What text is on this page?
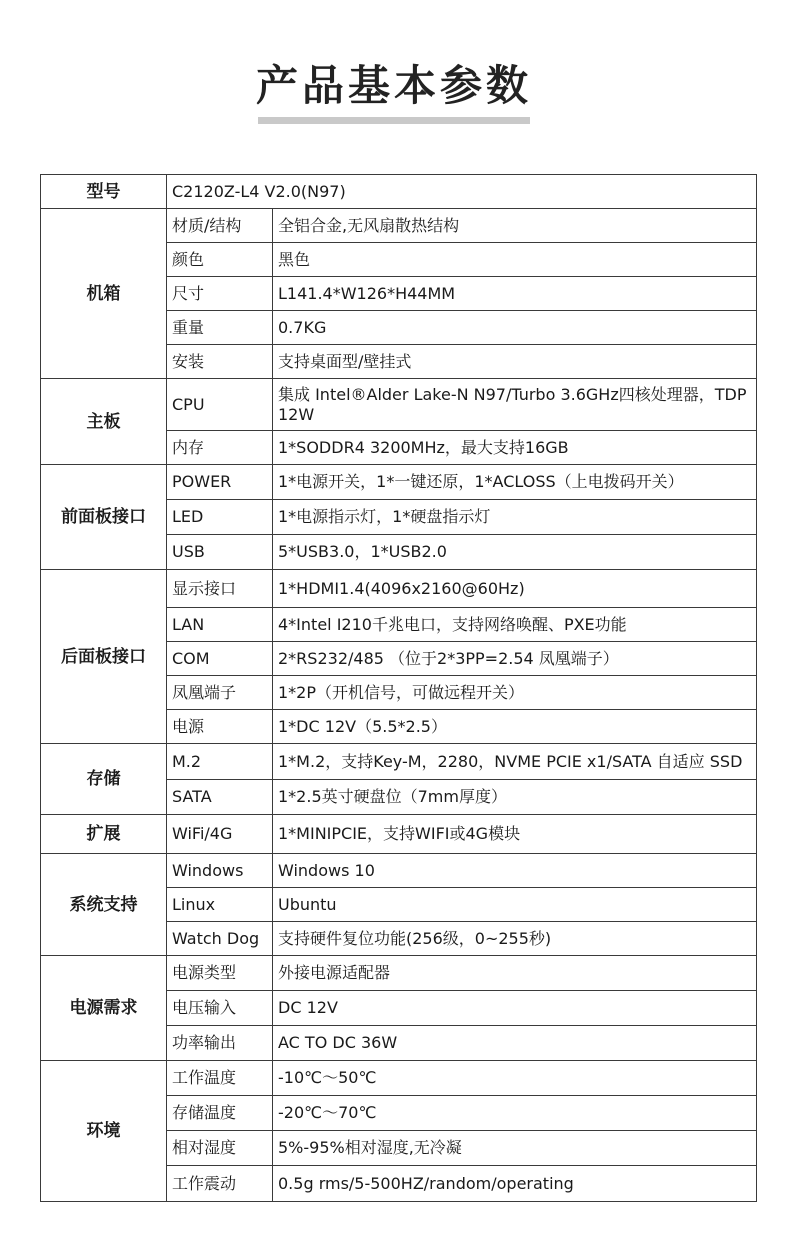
产品基本参数
型号	C2120Z-L4 V2.0(N97)	
机箱	材质/结构	全铝合金,无风扇散热结构
	颜色	黑色
	尺寸	L141.4*W126*H44MM
	重量	0.7KG
	安装	支持桌面型/壁挂式
主板	CPU	集成 Intel®Alder Lake-N N97/Turbo 3.6GHz四核处理器，TDP 12W
	内存	1*SODDR4 3200MHz，最大支持16GB
前面板接口	POWER	1*电源开关，1*一键还原，1*ACLOSS（上电拨码开关）
	LED	1*电源指示灯，1*硬盘指示灯
	USB	5*USB3.0，1*USB2.0
后面板接口	显示接口	1*HDMI1.4(4096x2160@60Hz)
	LAN	4*Intel I210千兆电口，支持网络唤醒、PXE功能
	COM	2*RS232/485 （位于2*3PP=2.54 凤凰端子）
	凤凰端子	1*2P（开机信号，可做远程开关）
	电源	1*DC 12V（5.5*2.5）
存储	M.2	1*M.2，支持Key-M，2280，NVME PCIE x1/SATA 自适应 SSD
	SATA	1*2.5英寸硬盘位（7mm厚度）
扩展	WiFi/4G	1*MINIPCIE，支持WIFI或4G模块
系统支持	Windows	Windows 10
	Linux	Ubuntu
	Watch Dog	支持硬件复位功能(256级，0~255秒)
电源需求	电源类型	外接电源适配器
	电压输入	DC 12V
	功率输出	AC TO DC 36W
环境	工作温度	-10℃～50℃
	存储温度	-20℃～70℃
	相对湿度	5%-95%相对湿度,无冷凝
	工作震动	0.5g rms/5-500HZ/random/operating
